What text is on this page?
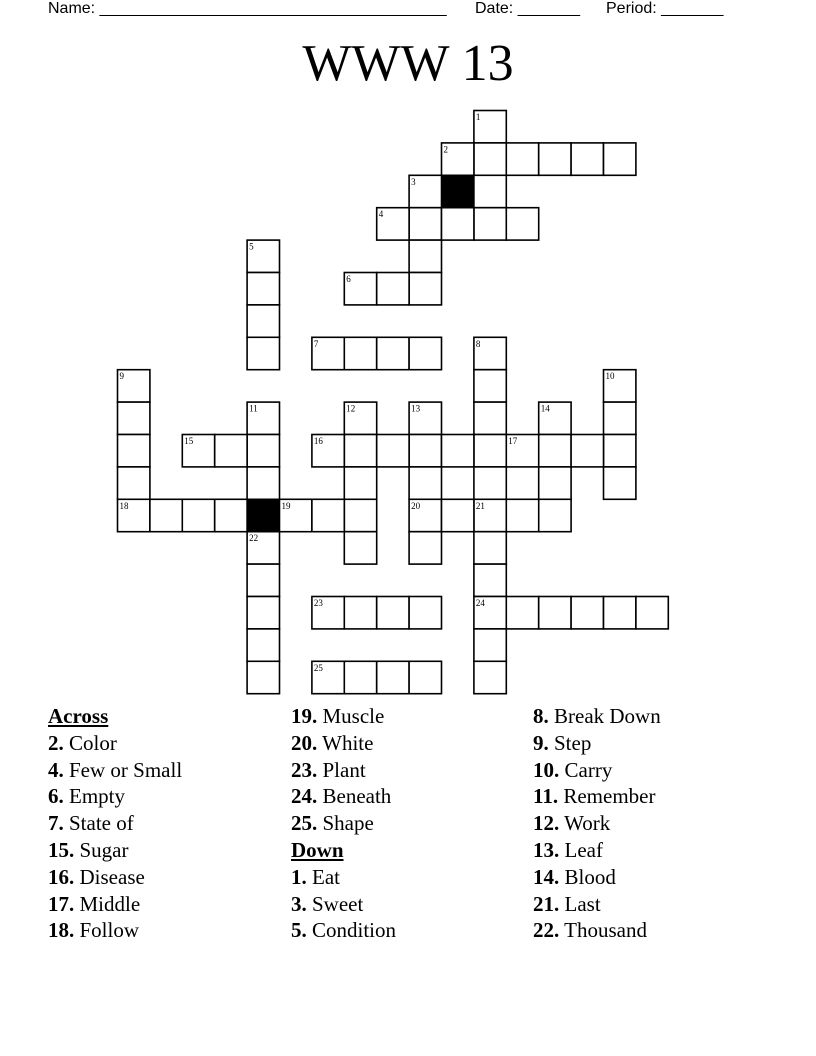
Name: _______________________________________ Date: _______ Period: _______
WWW 13
1
2
3
4
5
6
7	8
9	10
11	12	13	14
15	16	17
18	19	20	21
22
23	24
25
Across
2. Color
4. Few or Small
6. Empty
7. State of
15. Sugar
16. Disease
17. Middle
18. Follow
19. Muscle
20. White
23. Plant
24. Beneath
25. Shape
Down
1. Eat
3. Sweet
5. Condition
8. Break Down
9. Step
10. Carry
11. Remember
12. Work
13. Leaf
14. Blood
21. Last
22. Thousand
